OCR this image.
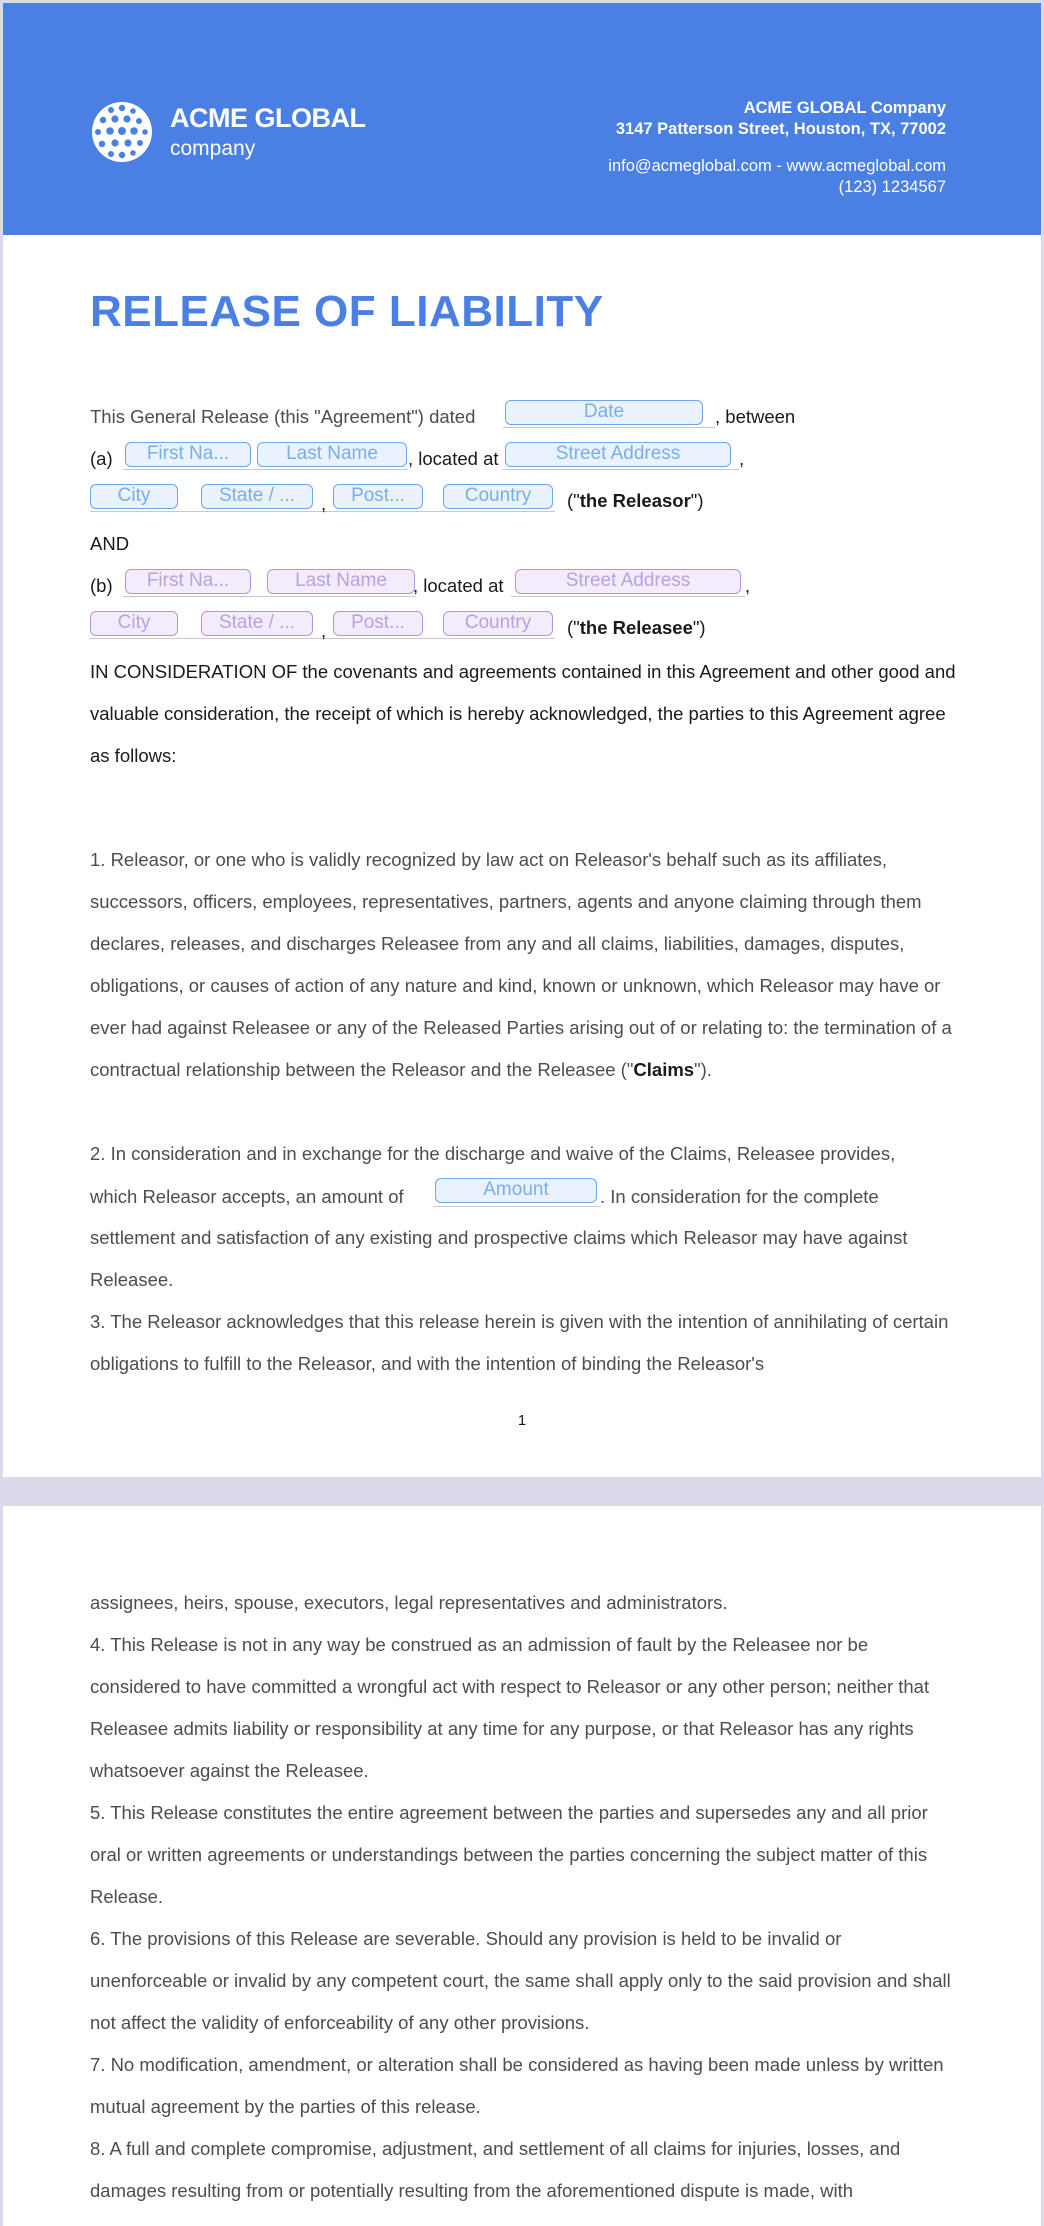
ACME GLOBAL
company
ACME GLOBAL Company
3147 Patterson Street, Houston, TX, 77002
info@acmeglobal.com - www.acmeglobal.com
(123) 1234567
RELEASE OF LIABILITY
This General Release (this "Agreement") dated	Date	, between
(a)	First Na...	Last Name	, located at	Street Address	,
City	State / ...	,	Post...	Country	("the Releasor")
AND
(b)	First Na...	Last Name	, located at	Street Address	,
City	State / ...	,	Post...	Country	("the Releasee")
IN CONSIDERATION OF the covenants and agreements contained in this Agreement and other good and valuable consideration, the receipt of which is hereby acknowledged, the parties to this Agreement agree as follows:
1. Releasor, or one who is validly recognized by law act on Releasor's behalf such as its affiliates, successors, officers, employees, representatives, partners, agents and anyone claiming through them declares, releases, and discharges Releasee from any and all claims, liabilities, damages, disputes, obligations, or causes of action of any nature and kind, known or unknown, which Releasor may have or ever had against Releasee or any of the Released Parties arising out of or relating to: the termination of a contractual relationship between the Releasor and the Releasee ("Claims").
2. In consideration and in exchange for the discharge and waive of the Claims, Releasee provides,
which Releasor accepts, an amount of	Amount	. In consideration for the complete
settlement and satisfaction of any existing and prospective claims which Releasor may have against Releasee.
3. The Releasor acknowledges that this release herein is given with the intention of annihilating of certain obligations to fulfill to the Releasor, and with the intention of binding the Releasor's
1

assignees, heirs, spouse, executors, legal representatives and administrators.

4. This Release is not in any way be construed as an admission of fault by the Releasee nor be considered to have committed a wrongful act with respect to Releasor or any other person; neither that Releasee admits liability or responsibility at any time for any purpose, or that Releasor has any rights whatsoever against the Releasee.

5. This Release constitutes the entire agreement between the parties and supersedes any and all prior oral or written agreements or understandings between the parties concerning the subject matter of this Release.

6. The provisions of this Release are severable. Should any provision is held to be invalid or unenforceable or invalid by any competent court, the same shall apply only to the said provision and shall not affect the validity of enforceability of any other provisions.

7. No modification, amendment, or alteration shall be considered as having been made unless by written mutual agreement by the parties of this release.

8. A full and complete compromise, adjustment, and settlement of all claims for injuries, losses, and damages resulting from or potentially resulting from the aforementioned dispute is made, with
